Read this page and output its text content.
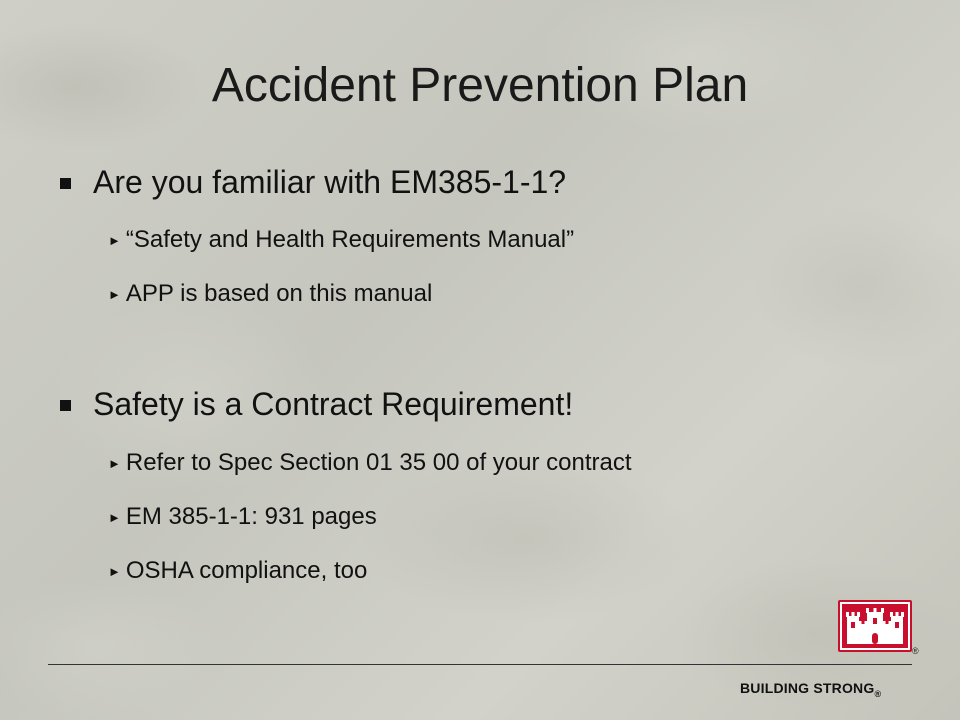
Accident Prevention Plan
Are you familiar with EM385-1-1?
► “Safety and Health Requirements Manual”
► APP is based on this manual
Safety is a Contract Requirement!
► Refer to Spec Section 01 35 00 of your contract
► EM 385-1-1: 931 pages
► OSHA compliance, too
®
BUILDING $STRONG_®$
